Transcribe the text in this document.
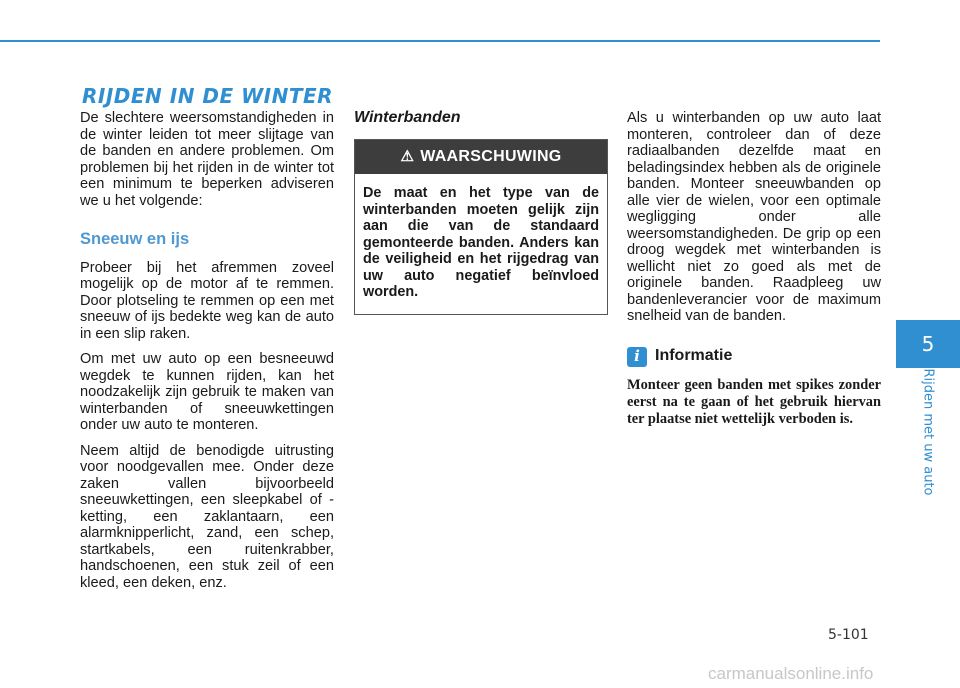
RIJDEN IN DE WINTER

De slechtere weersomstandigheden in de winter leiden tot meer slijtage van de banden en andere problemen. Om problemen bij het rijden in de winter tot een minimum te beperken adviseren we u het volgende:

Sneeuw en ijs

Probeer bij het afremmen zoveel mogelijk op de motor af te remmen. Door plotseling te remmen op een met sneeuw of ijs bedekte weg kan de auto in een slip raken.

Om met uw auto op een besneeuwd wegdek te kunnen rijden, kan het noodzakelijk zijn gebruik te maken van winterbanden of sneeuwkettingen onder uw auto te monteren.

Neem altijd de benodigde uitrusting voor noodgevallen mee. Onder deze zaken vallen bijvoorbeeld sneeuwkettingen, een sleepkabel of -ketting, een zaklantaarn, een alarmknipperlicht, zand, een schep, startkabels, een ruitenkrabber, handschoenen, een stuk zeil of een kleed, een deken, enz.

Winterbanden
⚠ WAARSCHUWING
De maat en het type van de winterbanden moeten gelijk zijn aan die van de standaard gemonteerde banden. Anders kan de veiligheid en het rijgedrag van uw auto negatief beïnvloed worden.

Als u winterbanden op uw auto laat monteren, controleer dan of deze radiaalbanden dezelfde maat en beladingsindex hebben als de originele banden. Monteer sneeuwbanden op alle vier de wielen, voor een optimale wegligging onder alle weersomstandigheden. De grip op een droog wegdek met winterbanden is wellicht niet zo goed als met de originele banden. Raadpleeg uw bandenleverancier voor de maximum snelheid van de banden.

i Informatie

Monteer geen banden met spikes zonder eerst na te gaan of het gebruik hiervan ter plaatse niet wettelijk verboden is.

5
Rijden met uw auto
5-101
carmanualsonline.info
